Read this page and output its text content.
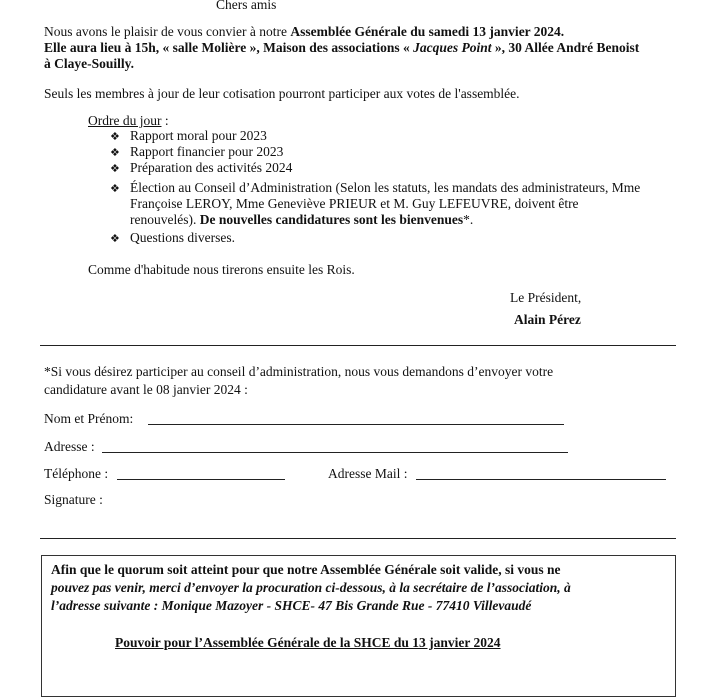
Chers amis
Nous avons le plaisir de vous convier à notre Assemblée Générale du samedi 13 janvier 2024.
Elle aura lieu à 15h, « salle Molière », Maison des associations « Jacques Point », 30 Allée André Benoist
à Claye-Souilly.
Seuls les membres à jour de leur cotisation pourront participer aux votes de l'assemblée.
Ordre du jour :
❖ Rapport moral pour 2023
❖ Rapport financier pour 2023
❖ Préparation des activités 2024
❖ Élection au Conseil d’Administration (Selon les statuts, les mandats des administrateurs, Mme
Françoise LEROY, Mme Geneviève PRIEUR et M. Guy LEFEUVRE, doivent être
renouvelés). De nouvelles candidatures sont les bienvenues*.
❖ Questions diverses.
Comme d'habitude nous tirerons ensuite les Rois.
Le Président,
Alain Pérez
*Si vous désirez participer au conseil d’administration, nous vous demandons d’envoyer votre
candidature avant le 08 janvier 2024 :
Nom et Prénom:
Adresse :
Téléphone :	Adresse Mail :
Signature :
Afin que le quorum soit atteint pour que notre Assemblée Générale soit valide, si vous ne
pouvez pas venir, merci d’envoyer la procuration ci-dessous, à la secrétaire de l’association, à
l’adresse suivante : Monique Mazoyer - SHCE- 47 Bis Grande Rue - 77410 Villevaudé
Pouvoir pour l’Assemblée Générale de la SHCE du 13 janvier 2024
